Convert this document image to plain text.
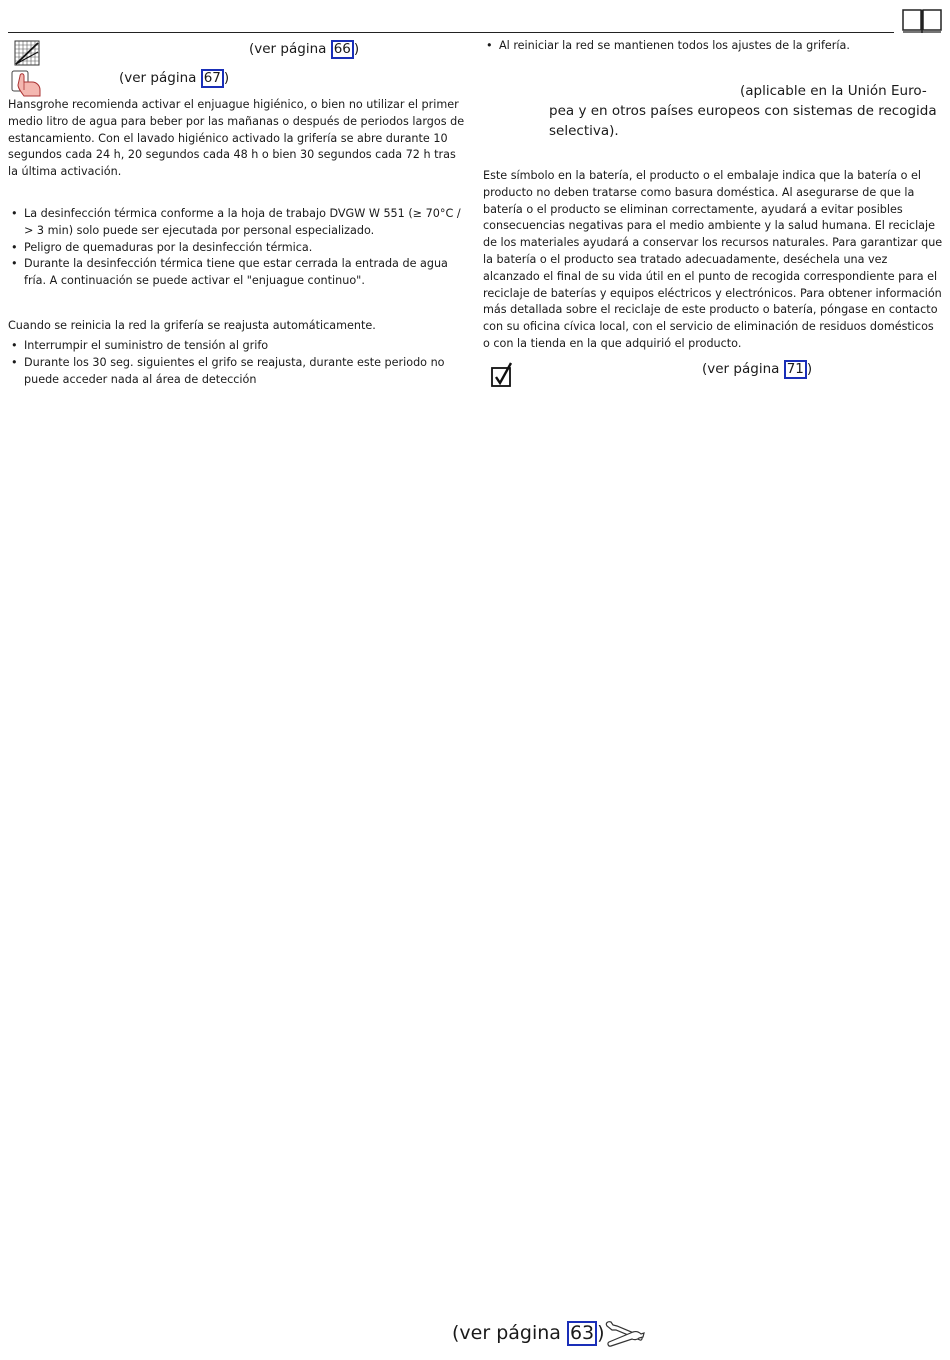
(ver página 66 )
(ver página 67 )

Hansgrohe recomienda activar el enjuague higiénico, o bien no utilizar el primer medio litro de agua para beber por las mañanas o después de periodos largos de estancamiento. Con el lavado higiénico activado la grifería se abre durante 10 segundos cada 24 h, 20 segundos cada 48 h o bien 30 segundos cada 72 h tras la última activación.

• La desinfección térmica conforme a la hoja de trabajo DVGW W 551 (≥ 70°C / > 3 min) solo puede ser ejecutada por personal especializado.
• Peligro de quemaduras por la desinfección térmica.
• Durante la desinfección térmica tiene que estar cerrada la entrada de agua fría. A continuación se puede activar el "enjuague continuo".

Cuando se reinicia la red la grifería se reajusta automáticamente.

• Interrumpir el suministro de tensión al grifo
• Durante los 30 seg. siguientes el grifo se reajusta, durante este periodo no puede acceder nada al área de detección
• Al reiniciar la red se mantienen todos los ajustes de la grifería.
(aplicable en la Unión Euro-
pea y en otros países europeos con sistemas de recogida
selectiva).

Este símbolo en la batería, el producto o el embalaje indica que la batería o el producto no deben tratarse como basura doméstica. Al asegurarse de que la batería o el producto se eliminan correctamente, ayudará a evitar posibles consecuencias negativas para el medio ambiente y la salud humana. El reciclaje de los materiales ayudará a conservar los recursos naturales. Para garantizar que la batería o el producto sea tratado adecuadamente, deséchela una vez alcanzado el final de su vida útil en el punto de recogida correspondiente para el reciclaje de baterías y equipos eléctricos y electrónicos. Para obtener información más detallada sobre el reciclaje de este producto o batería, póngase en contacto con su oficina cívica local, con el servicio de eliminación de residuos domésticos o con la tienda en la que adquirió el producto.

(ver página 71 )
(ver página 63 )
